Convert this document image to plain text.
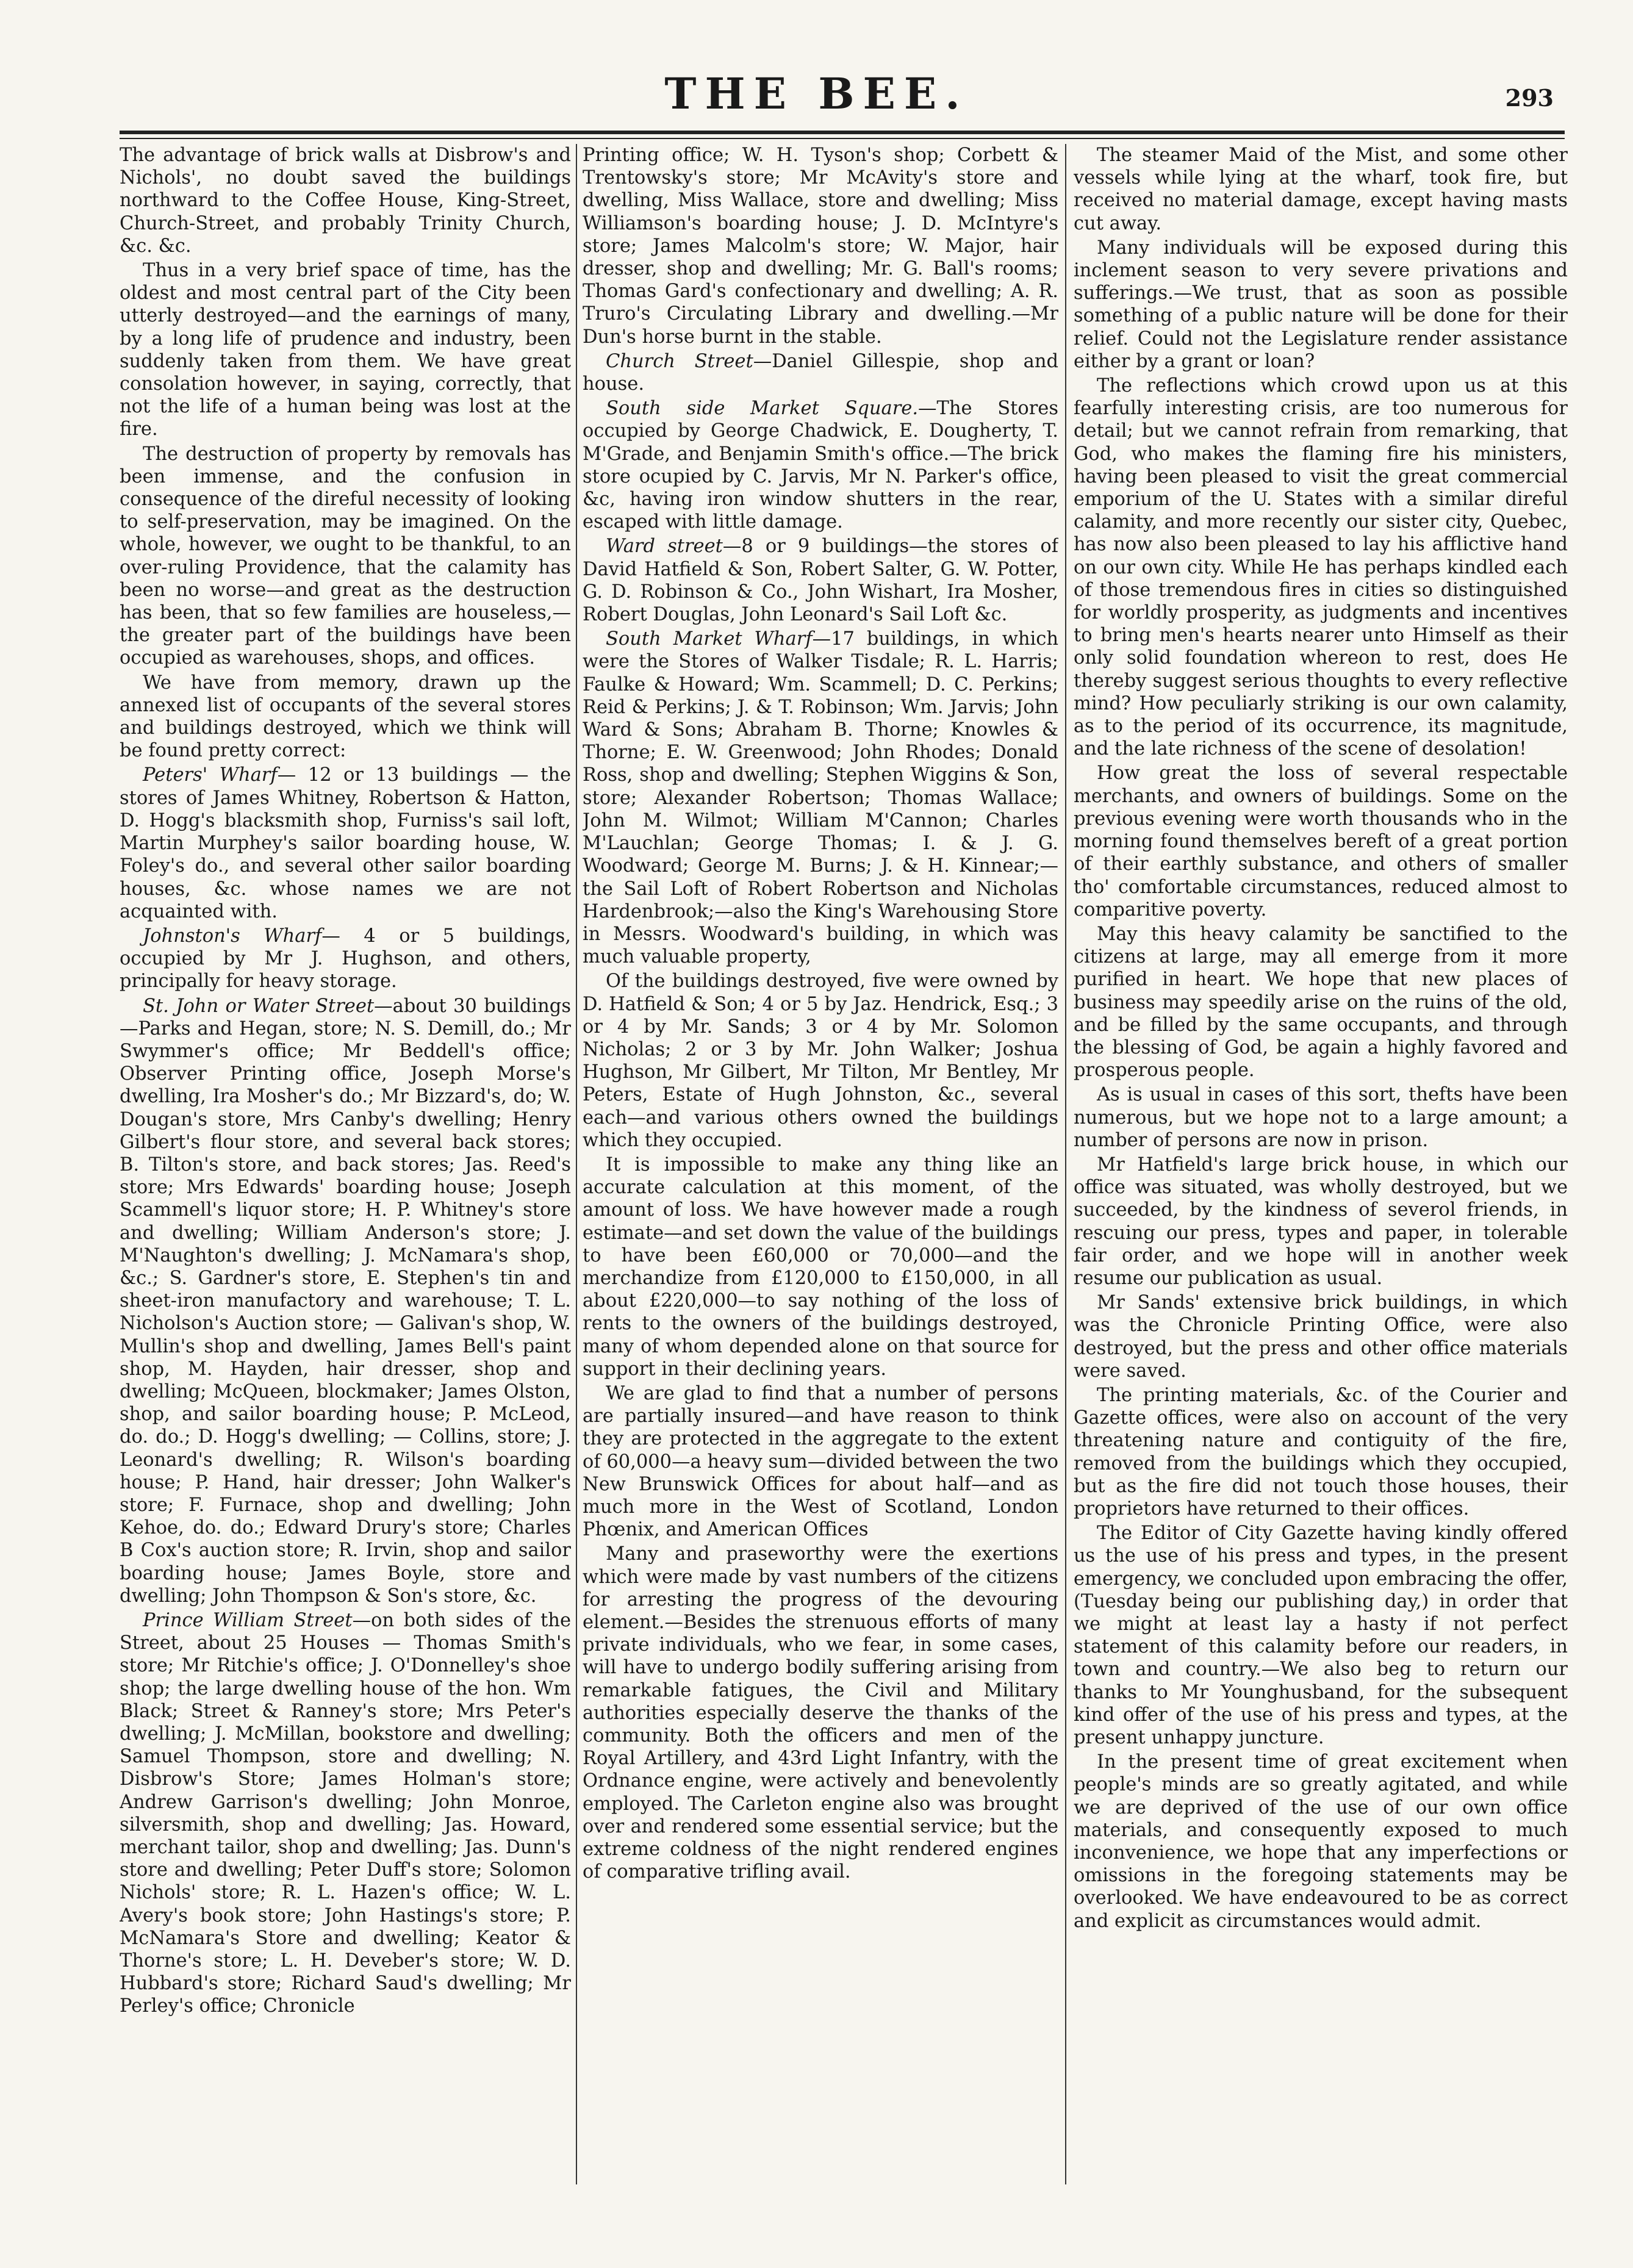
THE BEE.	293

The advantage of brick walls at Disbrow's and Nichols', no doubt saved the buildings northward to the Coffee House, King-Street, Church-Street, and probably Trinity Church, &c. &c.

Thus in a very brief space of time, has the oldest and most central part of the City been utterly destroyed—and the earnings of many, by a long life of prudence and industry, been suddenly taken from them. We have great consolation however, in saying, correctly, that not the life of a human being was lost at the fire.

The destruction of property by removals has been immense, and the confusion in consequence of the direful necessity of looking to self-preservation, may be imagined. On the whole, however, we ought to be thankful, to an over-ruling Providence, that the calamity has been no worse—and great as the destruction has been, that so few families are houseless,—the greater part of the buildings have been occupied as warehouses, shops, and offices.

We have from memory, drawn up the annexed list of occupants of the several stores and buildings destroyed, which we think will be found pretty correct:

Peters' Wharf— 12 or 13 buildings — the stores of James Whitney, Robertson & Hatton, D. Hogg's blacksmith shop, Furniss's sail loft, Martin Murphey's sailor boarding house, W. Foley's do., and several other sailor boarding houses, &c. whose names we are not acquainted with.

Johnston's Wharf— 4 or 5 buildings, occupied by Mr J. Hughson, and others, principally for heavy storage.

St. John or Water Street—about 30 buildings —Parks and Hegan, store; N. S. Demill, do.; Mr Swymmer's office; Mr Beddell's office; Observer Printing office, Joseph Morse's dwelling, Ira Mosher's do.; Mr Bizzard's, do; W. Dougan's store, Mrs Canby's dwelling; Henry Gilbert's flour store, and several back stores; B. Tilton's store, and back stores; Jas. Reed's store; Mrs Edwards' boarding house; Joseph Scammell's liquor store; H. P. Whitney's store and dwelling; William Anderson's store; J. M'Naughton's dwelling; J. McNamara's shop, &c.; S. Gardner's store, E. Stephen's tin and sheet-iron manufactory and warehouse; T. L. Nicholson's Auction store; — Galivan's shop, W. Mullin's shop and dwelling, James Bell's paint shop, M. Hayden, hair dresser, shop and dwelling; McQueen, blockmaker; James Olston, shop, and sailor boarding house; P. McLeod, do. do.; D. Hogg's dwelling; — Collins, store; J. Leonard's dwelling; R. Wilson's boarding house; P. Hand, hair dresser; John Walker's store; F. Furnace, shop and dwelling; John Kehoe, do. do.; Edward Drury's store; Charles B Cox's auction store; R. Irvin, shop and sailor boarding house; James Boyle, store and dwelling; John Thompson & Son's store, &c.

Prince William Street—on both sides of the Street, about 25 Houses — Thomas Smith's store; Mr Ritchie's office; J. O'Donnelley's shoe shop; the large dwelling house of the hon. Wm Black; Street & Ranney's store; Mrs Peter's dwelling; J. McMillan, bookstore and dwelling; Samuel Thompson, store and dwelling; N. Disbrow's Store; James Holman's store; Andrew Garrison's dwelling; John Monroe, silversmith, shop and dwelling; Jas. Howard, merchant tailor, shop and dwelling; Jas. Dunn's store and dwelling; Peter Duff's store; Solomon Nichols' store; R. L. Hazen's office; W. L. Avery's book store; John Hastings's store; P. McNamara's Store and dwelling; Keator & Thorne's store; L. H. Deveber's store; W. D. Hubbard's store; Richard Saud's dwelling; Mr Perley's office; Chronicle

Printing office; W. H. Tyson's shop; Corbett & Trentowsky's store; Mr McAvity's store and dwelling, Miss Wallace, store and dwelling; Miss Williamson's boarding house; J. D. McIntyre's store; James Malcolm's store; W. Major, hair dresser, shop and dwelling; Mr. G. Ball's rooms; Thomas Gard's confectionary and dwelling; A. R. Truro's Circulating Library and dwelling.—Mr Dun's horse burnt in the stable.

Church Street—Daniel Gillespie, shop and house.

South side Market Square.—The Stores occupied by George Chadwick, E. Dougherty, T. M'Grade, and Benjamin Smith's office.—The brick store ocupied by C. Jarvis, Mr N. Parker's office, &c, having iron window shutters in the rear, escaped with little damage.

Ward street—8 or 9 buildings—the stores of David Hatfield & Son, Robert Salter, G. W. Potter, G. D. Robinson & Co., John Wishart, Ira Mosher, Robert Douglas, John Leonard's Sail Loft &c.

South Market Wharf—17 buildings, in which were the Stores of Walker Tisdale; R. L. Harris; Faulke & Howard; Wm. Scammell; D. C. Perkins; Reid & Perkins; J. & T. Robinson; Wm. Jarvis; John Ward & Sons; Abraham B. Thorne; Knowles & Thorne; E. W. Greenwood; John Rhodes; Donald Ross, shop and dwelling; Stephen Wiggins & Son, store; Alexander Robertson; Thomas Wallace; John M. Wilmot; William M'Cannon; Charles M'Lauchlan; George Thomas; I. & J. G. Woodward; George M. Burns; J. & H. Kinnear;—the Sail Loft of Robert Robertson and Nicholas Hardenbrook;—also the King's Warehousing Store in Messrs. Woodward's building, in which was much valuable property,

Of the buildings destroyed, five were owned by D. Hatfield & Son; 4 or 5 by Jaz. Hendrick, Esq.; 3 or 4 by Mr. Sands; 3 or 4 by Mr. Solomon Nicholas; 2 or 3 by Mr. John Walker; Joshua Hughson, Mr Gilbert, Mr Tilton, Mr Bentley, Mr Peters, Estate of Hugh Johnston, &c., several each—and various others owned the buildings which they occupied.

It is impossible to make any thing like an accurate calculation at this moment, of the amount of loss. We have however made a rough estimate—and set down the value of the buildings to have been £60,000 or 70,000—and the merchandize from £120,000 to £150,000, in all about £220,000—to say nothing of the loss of rents to the owners of the buildings destroyed, many of whom depended alone on that source for support in their declining years.

We are glad to find that a number of persons are partially insured—and have reason to think they are protected in the aggregate to the extent of 60,000—a heavy sum—divided between the two New Brunswick Offices for about half—and as much more in the West of Scotland, London Phœnix, and American Offices

Many and praseworthy were the exertions which were made by vast numbers of the citizens for arresting the progress of the devouring element.—Besides the strenuous efforts of many private individuals, who we fear, in some cases, will have to undergo bodily suffering arising from remarkable fatigues, the Civil and Military authorities especially deserve the thanks of the community. Both the officers and men of the Royal Artillery, and 43rd Light Infantry, with the Ordnance engine, were actively and benevolently employed. The Carleton engine also was brought over and rendered some essential service; but the extreme coldness of the night rendered engines of comparative trifling avail.

The steamer Maid of the Mist, and some other vessels while lying at the wharf, took fire, but received no material damage, except having masts cut away.

Many individuals will be exposed during this inclement season to very severe privations and sufferings.—We trust, that as soon as possible something of a public nature will be done for their relief. Could not the Legislature render assistance either by a grant or loan?

The reflections which crowd upon us at this fearfully interesting crisis, are too numerous for detail; but we cannot refrain from remarking, that God, who makes the flaming fire his ministers, having been pleased to visit the great commercial emporium of the U. States with a similar direful calamity, and more recently our sister city, Quebec, has now also been pleased to lay his afflictive hand on our own city. While He has perhaps kindled each of those tremendous fires in cities so distinguished for worldly prosperity, as judgments and incentives to bring men's hearts nearer unto Himself as their only solid foundation whereon to rest, does He thereby suggest serious thoughts to every reflective mind? How peculiarly striking is our own calamity, as to the period of its occurrence, its magnitude, and the late richness of the scene of desolation!

How great the loss of several respectable merchants, and owners of buildings. Some on the previous evening were worth thousands who in the morning found themselves bereft of a great portion of their earthly substance, and others of smaller tho' comfortable circumstances, reduced almost to comparitive poverty.

May this heavy calamity be sanctified to the citizens at large, may all emerge from it more purified in heart. We hope that new places of business may speedily arise on the ruins of the old, and be filled by the same occupants, and through the blessing of God, be again a highly favored and prosperous people.

As is usual in cases of this sort, thefts have been numerous, but we hope not to a large amount; a number of persons are now in prison.

Mr Hatfield's large brick house, in which our office was situated, was wholly destroyed, but we succeeded, by the kindness of severol friends, in rescuing our press, types and paper, in tolerable fair order, and we hope will in another week resume our publication as usual.

Mr Sands' extensive brick buildings, in which was the Chronicle Printing Office, were also destroyed, but the press and other office materials were saved.

The printing materials, &c. of the Courier and Gazette offices, were also on account of the very threatening nature and contiguity of the fire, removed from the buildings which they occupied, but as the fire did not touch those houses, their proprietors have returned to their offices.

The Editor of City Gazette having kindly offered us the use of his press and types, in the present emergency, we concluded upon embracing the offer, (Tuesday being our publishing day,) in order that we might at least lay a hasty if not perfect statement of this calamity before our readers, in town and country.—We also beg to return our thanks to Mr Younghusband, for the subsequent kind offer of the use of his press and types, at the present unhappy juncture.

In the present time of great excitement when people's minds are so greatly agitated, and while we are deprived of the use of our own office materials, and consequently exposed to much inconvenience, we hope that any imperfections or omissions in the foregoing statements may be overlooked. We have endeavoured to be as correct and explicit as circumstances would admit.
